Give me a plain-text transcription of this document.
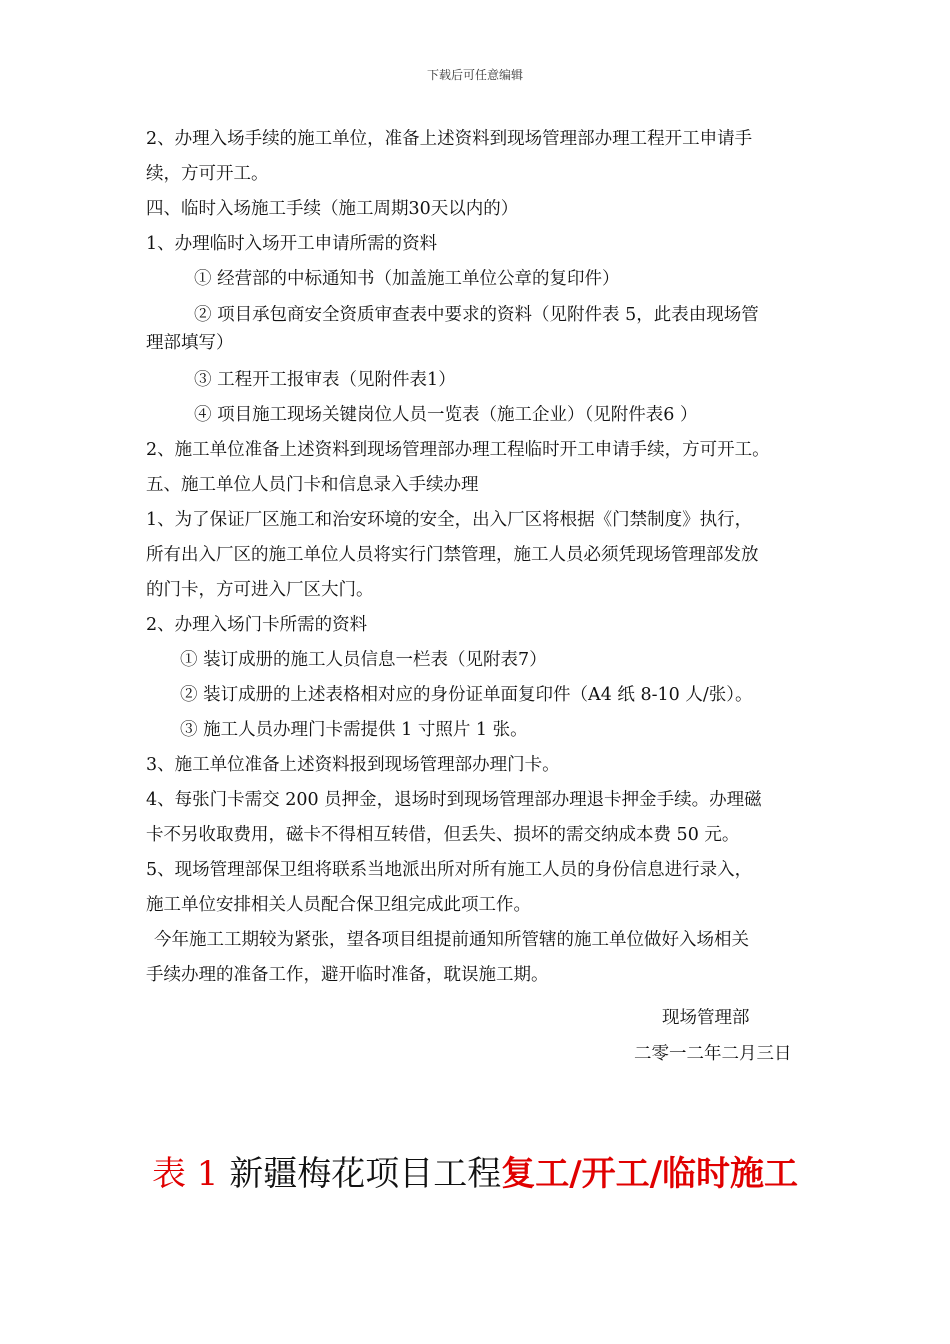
下载后可任意编辑
2、办理入场手续的施工单位，准备上述资料到现场管理部办理工程开工申请手
续，方可开工。
四、临时入场施工手续（施工周期30天以内的）
1、办理临时入场开工申请所需的资料
① 经营部的中标通知书（加盖施工单位公章的复印件）
② 项目承包商安全资质审查表中要求的资料（见附件表 5，此表由现场管
理部填写）
③ 工程开工报审表（见附件表1）
④ 项目施工现场关键岗位人员一览表（施工企业）（见附件表6 ）
2、施工单位准备上述资料到现场管理部办理工程临时开工申请手续，方可开工。
五、施工单位人员门卡和信息录入手续办理
1、为了保证厂区施工和治安环境的安全，出入厂区将根据《门禁制度》执行，
所有出入厂区的施工单位人员将实行门禁管理，施工人员必须凭现场管理部发放
的门卡，方可进入厂区大门。
2、办理入场门卡所需的资料
① 装订成册的施工人员信息一栏表（见附表7）
② 装订成册的上述表格相对应的身份证单面复印件（A4 纸 8-10 人/张）。
③ 施工人员办理门卡需提供 1 寸照片 1 张。
3、施工单位准备上述资料报到现场管理部办理门卡。
4、每张门卡需交 200 员押金，退场时到现场管理部办理退卡押金手续。办理磁
卡不另收取费用，磁卡不得相互转借，但丢失、损坏的需交纳成本费 50 元。
5、现场管理部保卫组将联系当地派出所对所有施工人员的身份信息进行录入，
施工单位安排相关人员配合保卫组完成此项工作。
今年施工工期较为紧张，望各项目组提前通知所管辖的施工单位做好入场相关
手续办理的准备工作，避开临时准备，耽误施工期。
现场管理部
二零一二年二月三日
表 1 新疆梅花项目工程复工/开工/临时施工
